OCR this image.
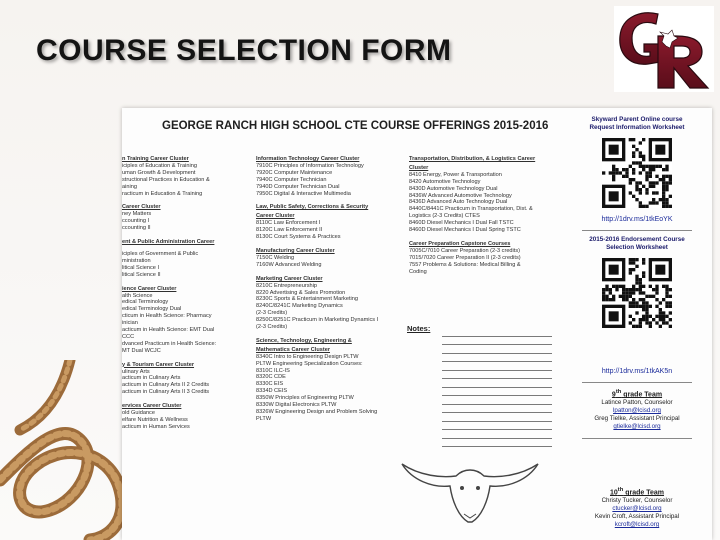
COURSE SELECTION FORM
GEORGE RANCH HIGH SCHOOL CTE COURSE OFFERINGS 2015-2016
n Training Career Cluster
iciples of Education & Training
uman Growth & Development
structional Practices in Education &
aining
racticum in Education & Training
Career Cluster
ney Matters
ccounting I
ccounting II
ent & Public Administration Career
iciples of Government & Public
ministration
litical Science I
litical Science II
ience Career Cluster
alth Science
edical Terminology
edical Terminology Dual
cticum in Health Science: Pharmacy
inician
acticum in Health Science: EMT Dual
CCC
dvanced Practicum in Health Science:
MT Dual WCJC
y & Tourism Career Cluster
ulinary Arts
acticum in Culinary Arts
acticum in Culinary Arts II 2 Credits
acticum in Culinary Arts II 3 Credits
ervices Career Cluster
old Guidance
elfare Nutrition & Wellness
acticum in Human Services
Information Technology Career Cluster
7910C Principles of Information Technology
7920C Computer Maintenance
7940C Computer Technician
7940D Computer Technician Dual
7950C Digital & Interactive Multimedia
Law, Public Safety, Corrections & Security
Career Cluster
8110C Law Enforcement I
8120C Law Enforcement II
8130C Court Systems & Practices
Manufacturing Career Cluster
7150C Welding
7160W Advanced Welding
Marketing Career Cluster
8210C Entrepreneurship
8220 Advertising & Sales Promotion
8230C Sports & Entertainment Marketing
8240C/8241C Marketing Dynamics
(2-3 Credits)
8250C/8251C Practicum in Marketing Dynamics I
(2-3 Credits)
Science, Technology, Engineering &
Mathematics Career Cluster
8340C Intro to Engineering Design PLTW
PLTW Engineering Specialization Courses:
8310C ILC-IS
8320C CDE
8330C EIS
8334D CEIS
8350W Principles of Engineering PLTW
8330W Digital Electronics PLTW
8326W Engineering Design and Problem Solving
PLTW
Transportation, Distribution, & Logistics Career
Cluster
8410 Energy, Power & Transportation
8420 Automotive Technology
8430D Automotive Technology Dual
8436W Advanced Automotive Technology
8436D Advanced Auto Technology Dual
8440C/8441C Practicum in Transportation, Dist. &
Logistics (2-3 Credits) CTES
8460D Diesel Mechanics I Dual Fall TSTC
8460D Diesel Mechanics I Dual Spring TSTC
Career Preparation Capstone Courses
7005C/7010 Career Preparation (2-3 credits)
7015/7020 Career Preparation II (2-3 credits)
7557 Problems & Solutions: Medical Billing &
Coding
Notes:
Skyward Parent Online course
Request Information Worksheet
http://1drv.ms/1tkEoYK
2015-2016 Endorsement Course
Selection Worksheet
http://1drv.ms/1tkAK5n
9th grade Team
Latince Patton, Counselor
lpatton@lcisd.org
Greg Tielke, Assistant Principal
gtielke@lcisd.org
10th grade Team
Christy Tucker, Counselor
ctucker@lcisd.org
Kevin Croft, Assistant Principal
kcroft@lcisd.org
